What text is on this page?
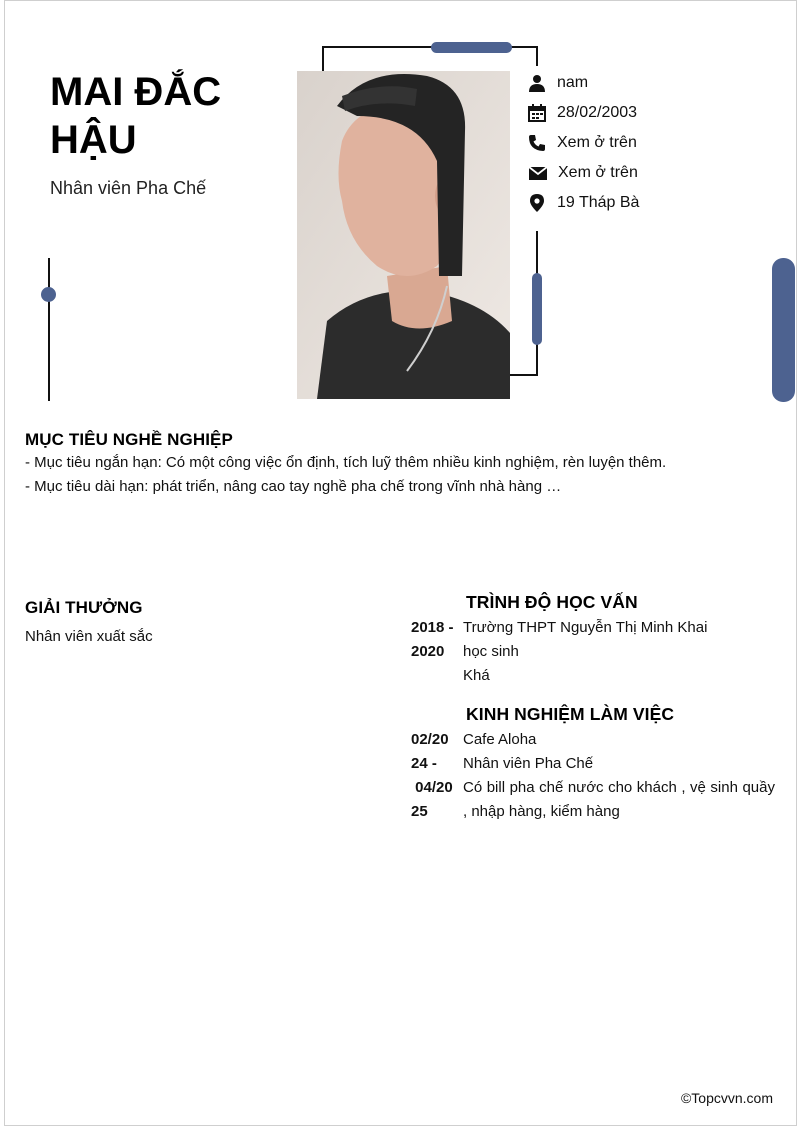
MAI ĐẮC HẬU
Nhân viên Pha Chế
nam
28/02/2003
Xem ở trên
Xem ở trên
19 Tháp Bà
MỤC TIÊU NGHỀ NGHIỆP
- Mục tiêu ngắn hạn: Có một công việc ổn định, tích luỹ thêm nhiều kinh nghiệm, rèn luyện thêm.
- Mục tiêu dài hạn: phát triển, nâng cao tay nghề pha chế trong vĩnh nhà hàng …
GIẢI THƯỞNG
Nhân viên xuất sắc
TRÌNH ĐỘ HỌC VẤN
2018 - Trường THPT Nguyễn Thị Minh Khai
2020	học sinh
Khá
KINH NGHIỆM LÀM VIỆC
02/20 Cafe Aloha
24 -	Nhân viên Pha Chế
04/20
25
Có bill pha chế nước cho khách , vệ sinh quầy , nhập hàng, kiểm hàng
©Topcvvn.com
